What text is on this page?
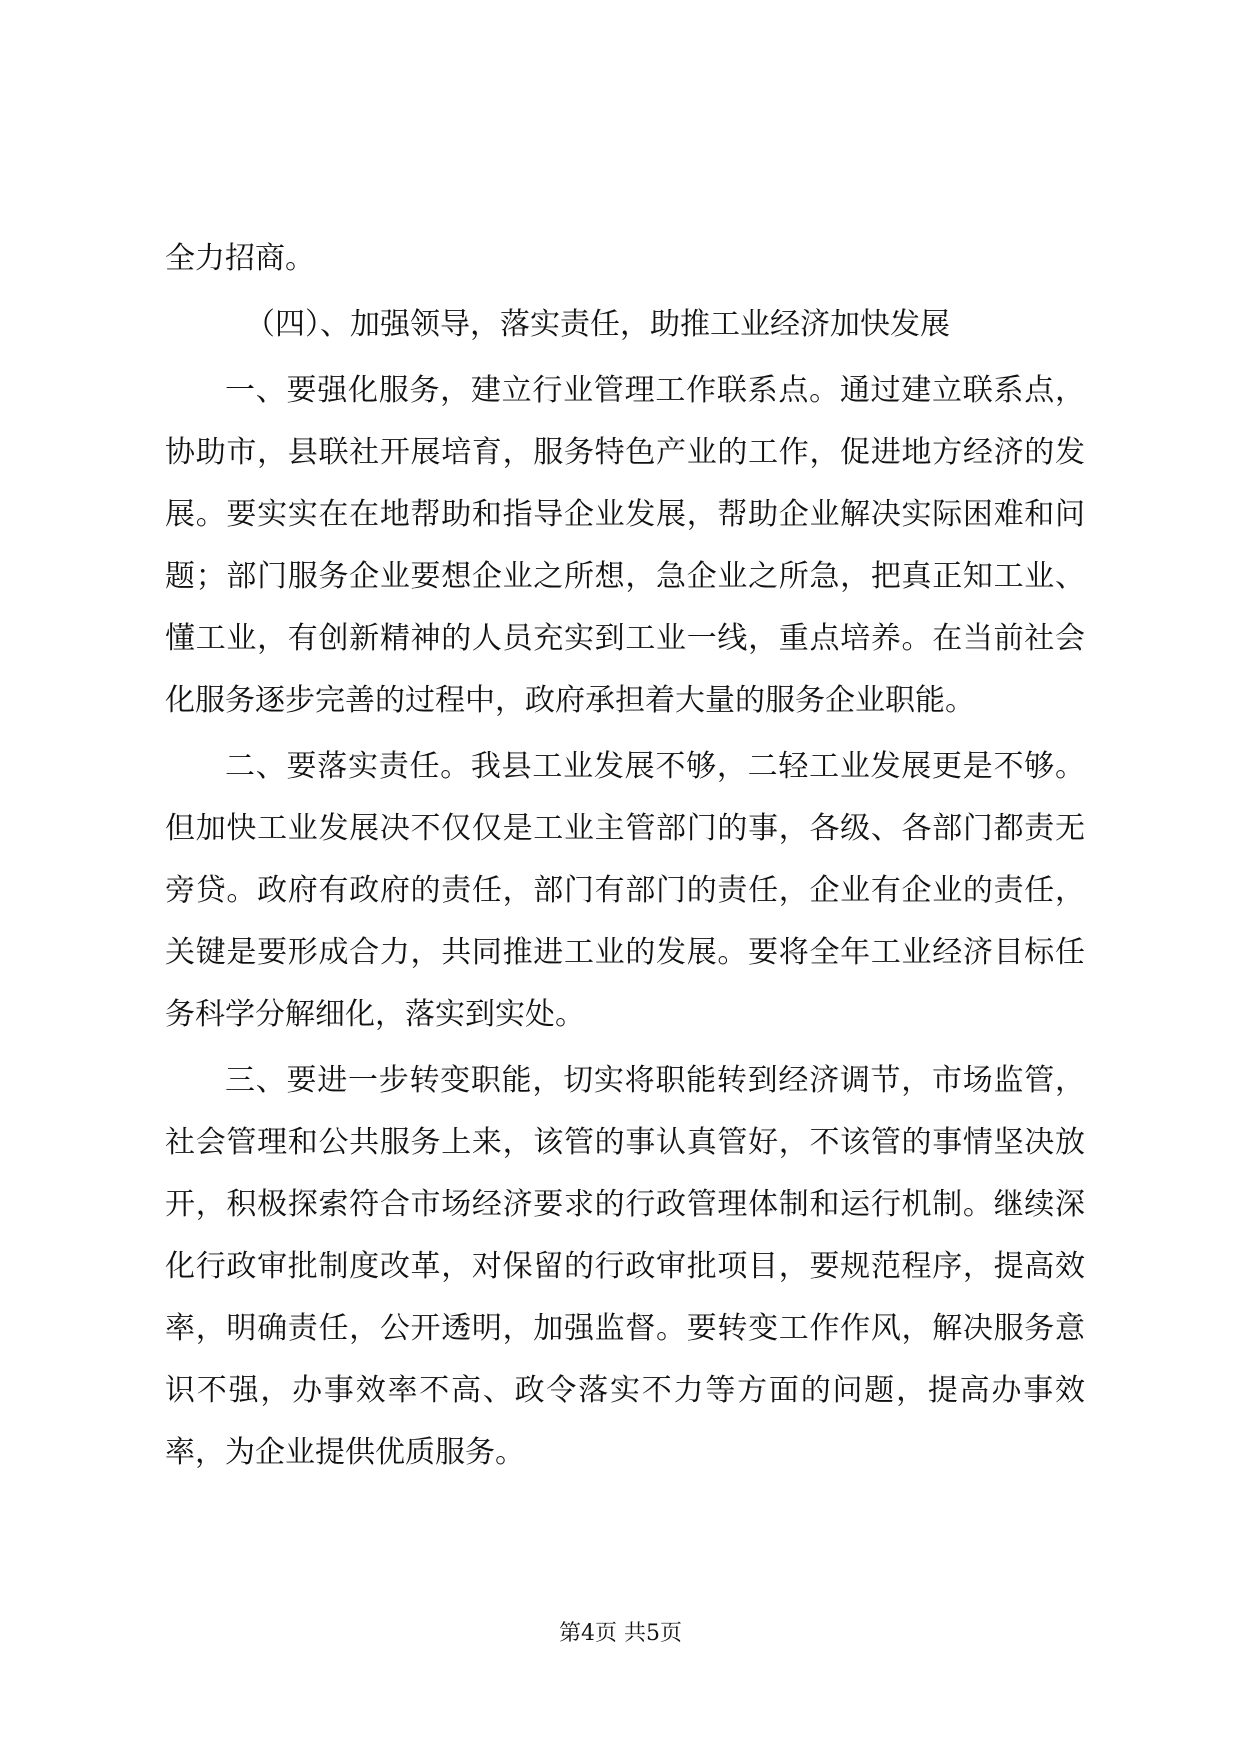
全力招商。

（四）、加强领导，落实责任，助推工业经济加快发展

一、要强化服务，建立行业管理工作联系点。通过建立联系点，协助市，县联社开展培育，服务特色产业的工作，促进地方经济的发展。要实实在在地帮助和指导企业发展，帮助企业解决实际困难和问题；部门服务企业要想企业之所想，急企业之所急，把真正知工业、懂工业，有创新精神的人员充实到工业一线，重点培养。在当前社会化服务逐步完善的过程中，政府承担着大量的服务企业职能。

二、要落实责任。我县工业发展不够，二轻工业发展更是不够。但加快工业发展决不仅仅是工业主管部门的事，各级、各部门都责无旁贷。政府有政府的责任，部门有部门的责任，企业有企业的责任，关键是要形成合力，共同推进工业的发展。要将全年工业经济目标任务科学分解细化，落实到实处。

三、要进一步转变职能，切实将职能转到经济调节，市场监管，社会管理和公共服务上来，该管的事认真管好，不该管的事情坚决放开，积极探索符合市场经济要求的行政管理体制和运行机制。继续深化行政审批制度改革，对保留的行政审批项目，要规范程序，提高效率，明确责任，公开透明，加强监督。要转变工作作风，解决服务意识不强，办事效率不高、政令落实不力等方面的问题，提高办事效率，为企业提供优质服务。

第4页 共5页
